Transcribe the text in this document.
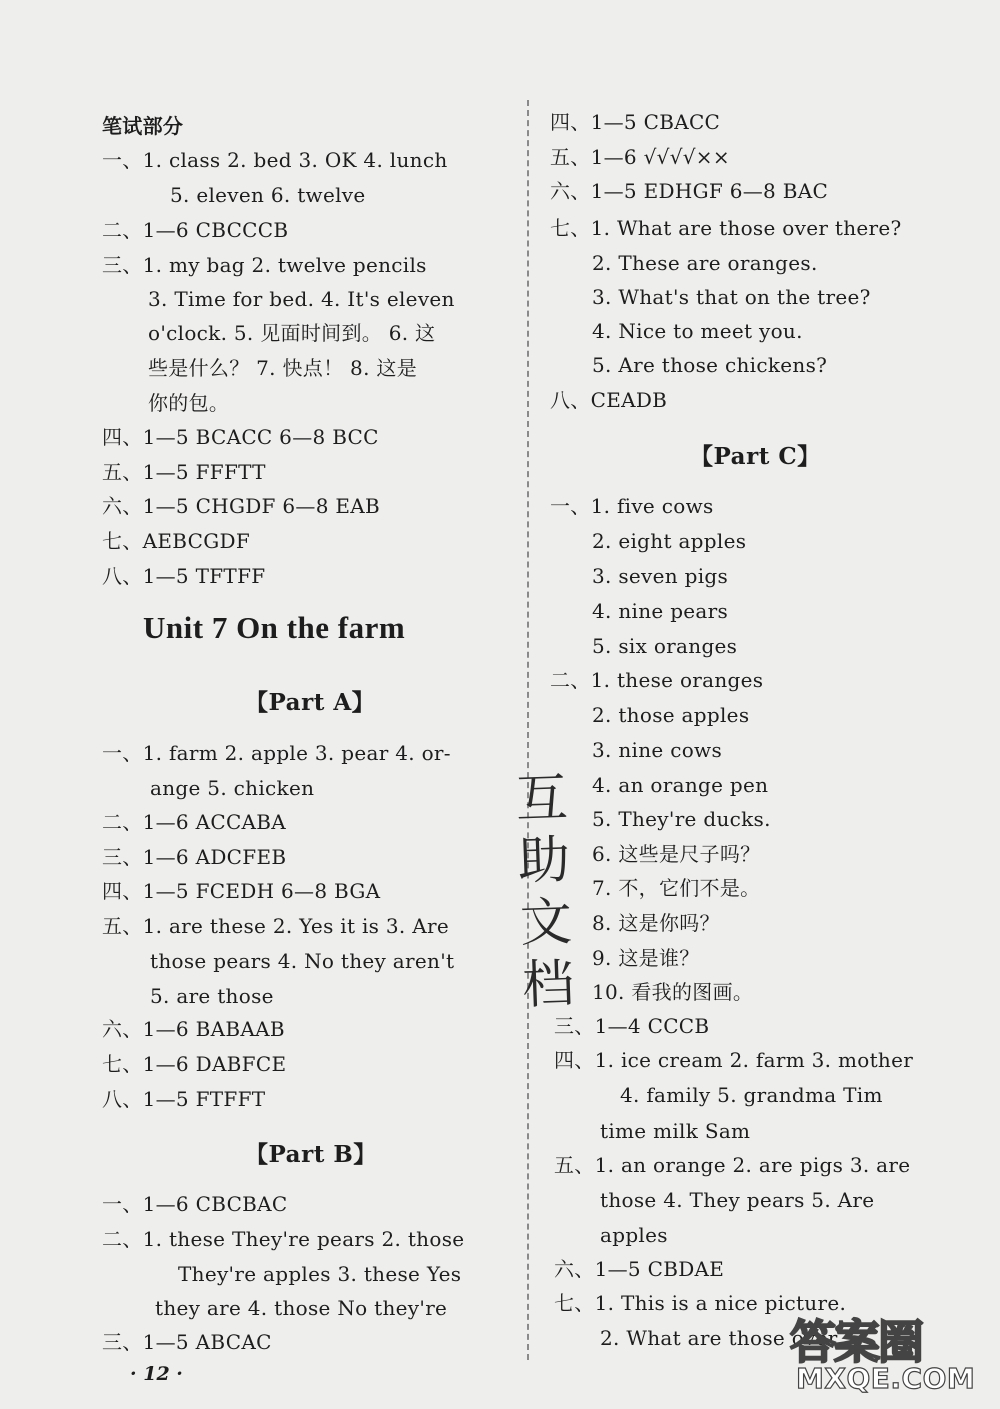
笔试部分
一、1. class 2. bed 3. OK 4. lunch
5. eleven 6. twelve
二、1—6 CBCCCB
三、1. my bag 2. twelve pencils
3. Time for bed. 4. It's eleven
o'clock. 5. 见面时间到。 6. 这
些是什么？ 7. 快点！ 8. 这是
你的包。
四、1—5 BCACC 6—8 BCC
五、1—5 FFFTT
六、1—5 CHGDF 6—8 EAB
七、AEBCGDF
八、1—5 TFTFF
Unit 7 On the farm
【Part A】
一、1. farm 2. apple 3. pear 4. or-
ange 5. chicken
二、1—6 ACCABA
三、1—6 ADCFEB
四、1—5 FCEDH 6—8 BGA
五、1. are these 2. Yes it is 3. Are
those pears 4. No they aren't
5. are those
六、1—6 BABAAB
七、1—6 DABFCE
八、1—5 FTFFT
【Part B】
一、1—6 CBCBAC
二、1. these They're pears 2. those
They're apples 3. these Yes
they are 4. those No they're
三、1—5 ABCAC
四、1—5 CBACC
五、1—6 √√√√××
六、1—5 EDHGF 6—8 BAC
七、1. What are those over there?
2. These are oranges.
3. What's that on the tree?
4. Nice to meet you.
5. Are those chickens?
八、CEADB
【Part C】
一、1. five cows
2. eight apples
3. seven pigs
4. nine pears
5. six oranges
二、1. these oranges
2. those apples
3. nine cows
4. an orange pen
5. They're ducks.
6. 这些是尺子吗？
7. 不，它们不是。
8. 这是你吗？
9. 这是谁？
10. 看我的图画。
三、1—4 CCCB
四、1. ice cream 2. farm 3. mother
4. family 5. grandma Tim
time milk Sam
五、1. an orange 2. are pigs 3. are
those 4. They pears 5. Are
apples
六、1—5 CBDAE
七、1. This is a nice picture.
2. What are those over
互
助
文
档
· 12 ·
答案圈
MXQE.COM
